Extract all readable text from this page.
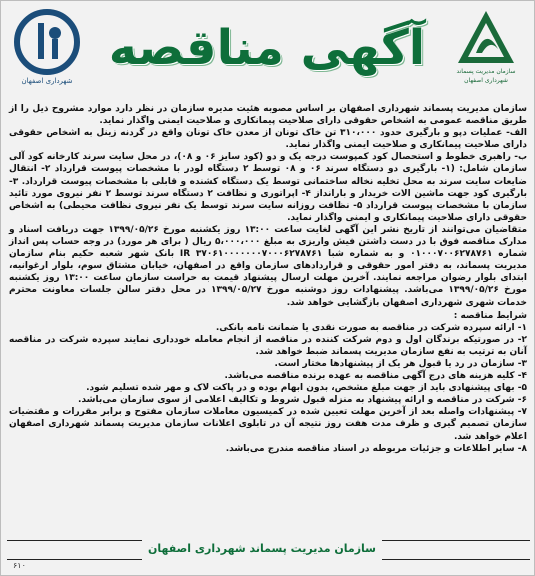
شهرداری اصفهان
آگهی مناقصه	سازمان مدیریت پسماند
شهرداری اصفهان

سازمان مدیریت پسماند شهرداری اصفهان بر اساس مصوبه هئیت مدیره سازمان در نظر دارد موارد مشروح ذیل را از طریق مناقصه عمومی به اشخاص حقوقی دارای صلاحیت پیمانکاری و صلاحیت ایمنی واگذار نماید.

الف- عملیات دپو و بارگیری حدود ۳۱۰،۰۰۰ تن خاک تونان از معدن خاک تونان واقع در گردنه زینل به اشخاص حقوقی دارای صلاحیت پیمانکاری و صلاحیت ایمنی واگذار نماید.

ب- راهبری خطوط و استحصال کود کمپوست درجه یک و دو (کود سایز ۰۶ و ۰۸)، در محل سایت سرند کارخانه کود آلی سازمان شامل: (۱- بارگیری دو دستگاه سرند ۰۶ و ۰۸ توسط ۲ دستگاه لودر با مشخصات پیوست قرارداد ۲- انتقال ضایعات سایت سرند به محل تخلیه نخاله ساختمانی توسط یک دستگاه کشنده و قابلی با مشخصات پیوست قرارداد. ۳- بارگیری کود جهت ماشین الات خریدار و بارانداز ۴- اپراتوری و نظافت ۲ دستگاه سرند توسط ۲ نفر نیروی مورد تائید سازمان با مشخصات پیوست قرارداد ۵- نظافت روزانه سایت سرند توسط یک نفر نیروی نظافت محیطی) به اشخاص حقوقی دارای صلاحیت پیمانکاری و ایمنی واگذار نماید.

متقاضیان می‌توانند از تاریخ نشر این آگهی لغایت ساعت ۱۳:۰۰ روز یکشنبه مورخ ۱۳۹۹/۰۵/۲۶ جهت دریافت اسناد و مدارک مناقصه فوق با در دست داشتن فیش واریزی به مبلغ ۵،۰۰۰،۰۰۰ ریال ( برای هر مورد) در وجه حساب پس انداز شماره ۰۱۰۰۰۷۰۰۶۲۷۸۷۶۱ و به شماره شبا IR ۳۷۰۶۱۰۰۰۰۰۰۰۷۰۰۰۶۲۷۸۷۶۱ بانک شهر شعبه حکیم بنام سازمان مدیریت پسماند، به دفتر امور حقوقی و قراردادهای سازمان واقع در اصفهان، خیابان مشتاق سوم، بلوار ارغوانیه، ابتدای بلوار رضوان مراجعه نمایند. آخرین مهلت ارسال پیشنهاد قیمت به حراست سازمان ساعت ۱۳:۰۰ روز یکشنبه مورخ ۱۳۹۹/۰۵/۲۶ می‌باشد. پیشنهادات روز دوشنبه مورخ ۱۳۹۹/۰۵/۲۷ در محل دفتر سالن جلسات معاونت محترم خدمات شهری شهرداری اصفهان بازگشایی خواهد شد.

شرایط مناقصه :

۱- ارائه سپرده شرکت در مناقصه به صورت نقدی یا ضمانت نامه بانکی.

۲- در صورتیکه برندگان اول و دوم شرکت کننده در مناقصه از انجام معامله خودداری نمایند سپرده شرکت در مناقصه آنان به ترتیب به نفع سازمان مدیریت پسماند ضبط خواهد شد.

۳- سازمان در رد یا قبول هر یک از پیشنهادها مختار است.

۴- کلیه هزینه های درج آگهی مناقصه به عهده برنده مناقصه می‌باشد.

۵- بهای پیشنهادی باید از جهت مبلغ مشخص، بدون ابهام بوده و در پاکت لاک و مهر شده تسلیم شود.

۶- شرکت در مناقصه و ارائه پیشنهاد به منزله قبول شروط و تکالیف اعلامی از سوی سازمان می‌باشد.

۷- پیشنهادات واصله بعد از آخرین مهلت تعیین شده در کمیسیون معاملات سازمان مفتوح و برابر مقررات و مقتضیات سازمان تصمیم گیری و ظرف مدت هفت روز نتیجه آن در تابلوی اعلانات سازمان مدیریت پسماند شهرداری اصفهان اعلام خواهد شد.

۸- سایر اطلاعات و جزئیات مربوطه در اسناد مناقصه مندرج می‌باشد.

سازمان مدیریت پسماند شهرداری اصفهان
۶۱۰
